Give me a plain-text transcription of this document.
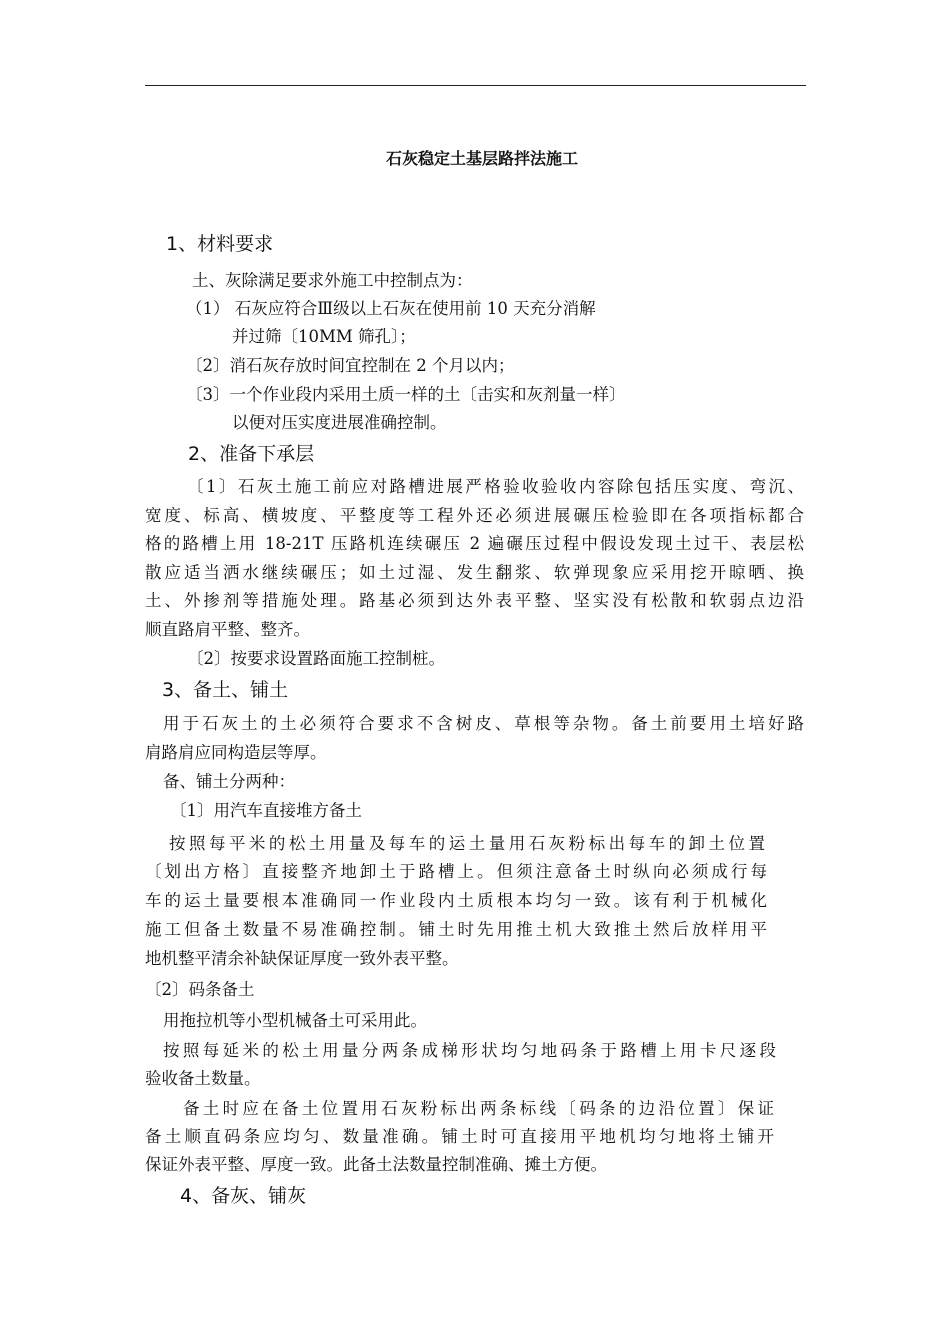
石灰稳定土基层路拌法施工
1、材料要求
土、灰除满足要求外施工中控制点为：
（1） 石灰应符合Ⅲ级以上石灰在使用前 10 天充分消解
并过筛〔10MM 筛孔〕；
〔2〕消石灰存放时间宜控制在 2 个月以内；
〔3〕一个作业段内采用土质一样的土〔击实和灰剂量一样〕
以便对压实度进展准确控制。
2、准备下承层
〔1〕石灰土施工前应对路槽进展严格验收验收内容除包括压实度、弯沉、
宽度、标高、横坡度、平整度等工程外还必须进展碾压检验即在各项指标都合
格的路槽上用 18-21T 压路机连续碾压 2 遍碾压过程中假设发现土过干、表层松
散应适当洒水继续碾压；如土过湿、发生翻浆、软弹现象应采用挖开晾晒、换
土、外掺剂等措施处理。路基必须到达外表平整、坚实没有松散和软弱点边沿
顺直路肩平整、整齐。
〔2〕按要求设置路面施工控制桩。
3、备土、铺土
用于石灰土的土必须符合要求不含树皮、草根等杂物。备土前要用土培好路
肩路肩应同构造层等厚。
备、铺土分两种：
〔1〕用汽车直接堆方备土
按照每平米的松土用量及每车的运土量用石灰粉标出每车的卸土位置
〔划出方格〕直接整齐地卸土于路槽上。但须注意备土时纵向必须成行每
车的运土量要根本准确同一作业段内土质根本均匀一致。该有利于机械化
施工但备土数量不易准确控制。铺土时先用推土机大致推土然后放样用平
地机整平清余补缺保证厚度一致外表平整。
〔2〕码条备土
用拖拉机等小型机械备土可采用此。
按照每延米的松土用量分两条成梯形状均匀地码条于路槽上用卡尺逐段
验收备土数量。
备土时应在备土位置用石灰粉标出两条标线〔码条的边沿位置〕保证
备土顺直码条应均匀、数量准确。铺土时可直接用平地机均匀地将土铺开
保证外表平整、厚度一致。此备土法数量控制准确、摊土方便。
4、备灰、铺灰
